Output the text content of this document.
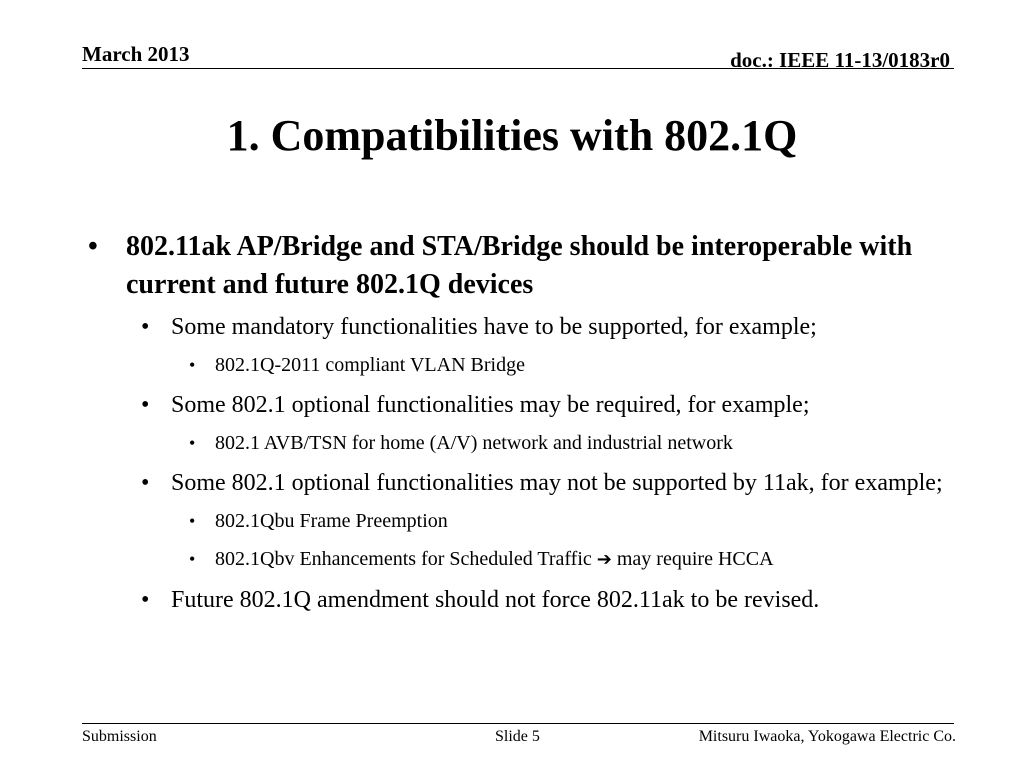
March 2013	doc.: IEEE 11-13/0183r0
1. Compatibilities with 802.1Q
• 802.11ak AP/Bridge and STA/Bridge should be interoperable with current and future 802.1Q devices
• Some mandatory functionalities have to be supported, for example;
• 802.1Q-2011 compliant VLAN Bridge
• Some 802.1 optional functionalities may be required, for example;
• 802.1 AVB/TSN for home (A/V) network and industrial network
• Some 802.1 optional functionalities may not be supported by 11ak, for example;
• 802.1Qbu Frame Preemption
• 802.1Qbv Enhancements for Scheduled Traffic ➔ may require HCCA
• Future 802.1Q amendment should not force 802.11ak to be revised.
Submission	Slide 5	Mitsuru Iwaoka, Yokogawa Electric Co.
